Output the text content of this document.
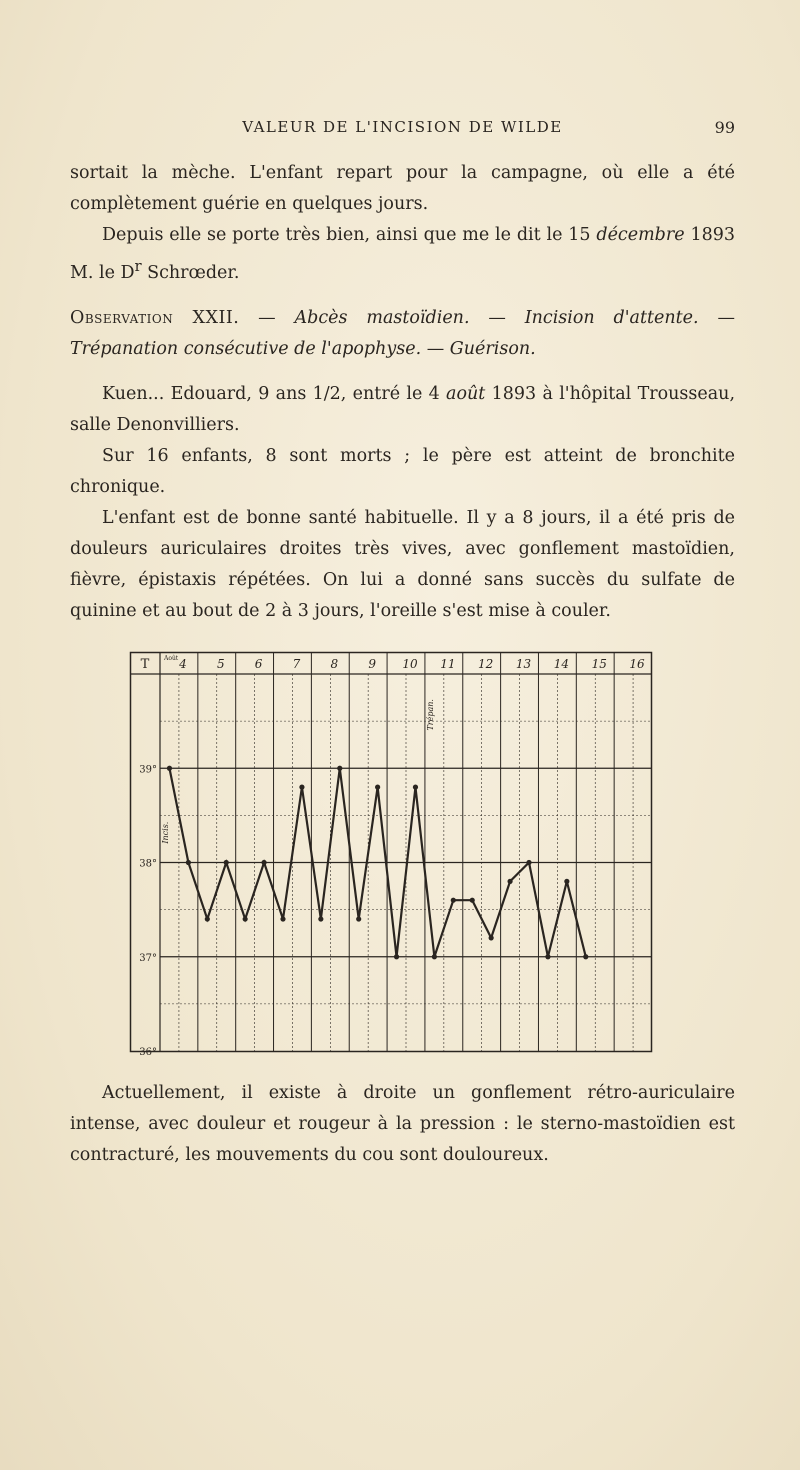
VALEUR DE L'INCISION DE WILDE	99

sortait la mèche. L'enfant repart pour la campagne, où elle a été complètement guérie en quelques jours.

Depuis elle se porte très bien, ainsi que me le dit le 15 décembre 1893 M. le $D^r$ Schrœder.

Observation XXII. — Abcès mastoïdien. — Incision d'attente. — Trépanation consécutive de l'apophyse. — Guérison.

Kuen... Edouard, 9 ans 1/2, entré le 4 août 1893 à l'hôpital Trousseau, salle Denonvilliers.

Sur 16 enfants, 8 sont morts ; le père est atteint de bronchite chronique.

L'enfant est de bonne santé habituelle. Il y a 8 jours, il a été pris de douleurs auriculaires droites très vives, avec gonflement mastoïdien, fièvre, épistaxis répétées. On lui a donné sans succès du sulfate de quinine et au bout de 2 à 3 jours, l'oreille s'est mise à couler.

T 4	5	6	7	8	9 10 11 12 13 14 15 16
Août
39°
38°
37°
36°
Incis.
Trépan.

Actuellement, il existe à droite un gonflement rétro-auriculaire intense, avec douleur et rougeur à la pression : le sterno-mastoïdien est contracturé, les mouvements du cou sont douloureux.
